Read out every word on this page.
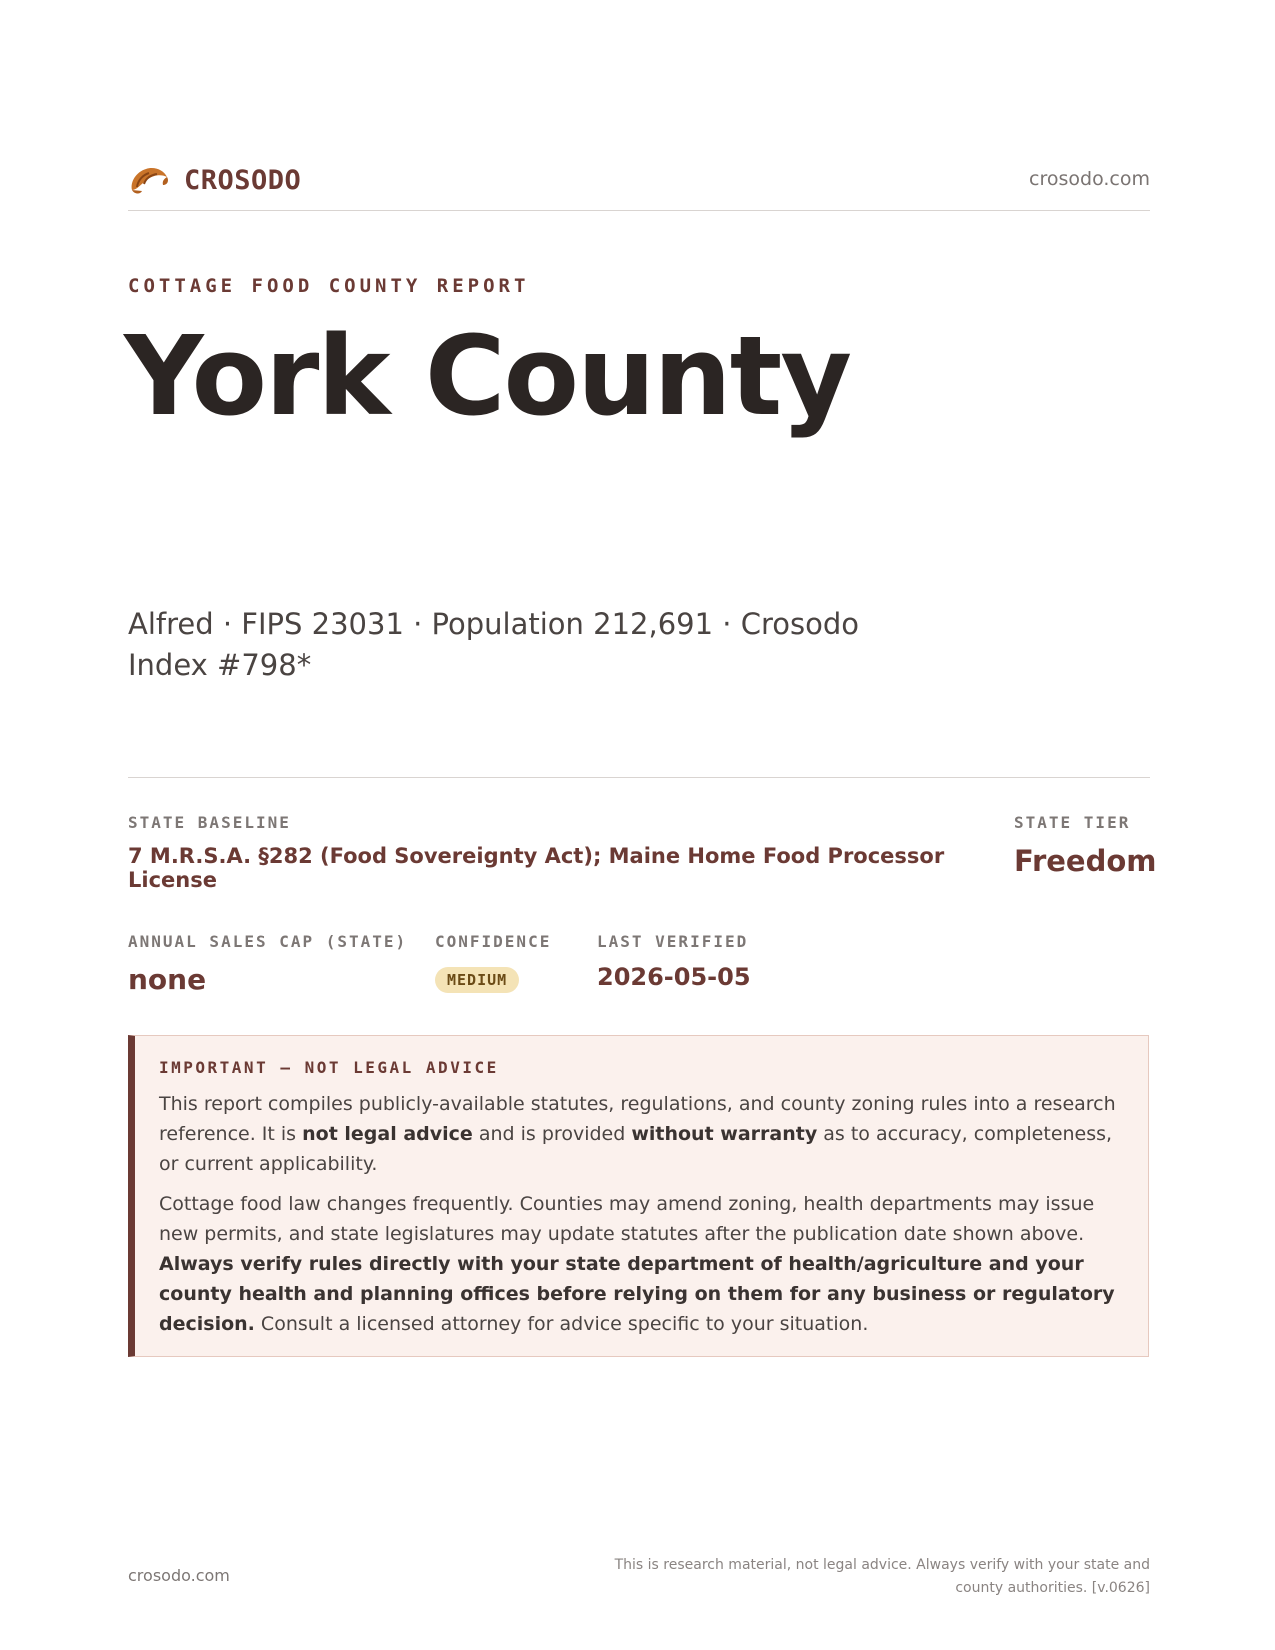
CROSODO	crosodo.com
COTTAGE FOOD COUNTY REPORT
York County
Alfred · FIPS 23031 · Population 212,691 · Crosodo Index #798*
STATE BASELINE
7 M.R.S.A. §282 (Food Sovereignty Act); Maine Home Food Processor License
STATE TIER
Freedom
ANNUAL SALES CAP (STATE)
none
CONFIDENCE
MEDIUM
LAST VERIFIED
2026-05-05
IMPORTANT — NOT LEGAL ADVICE

This report compiles publicly-available statutes, regulations, and county zoning rules into a research reference. It is not legal advice and is provided without warranty as to accuracy, completeness, or current applicability.

Cottage food law changes frequently. Counties may amend zoning, health departments may issue new permits, and state legislatures may update statutes after the publication date shown above. Always verify rules directly with your state department of health/agriculture and your county health and planning offices before relying on them for any business or regulatory decision. Consult a licensed attorney for advice specific to your situation.

crosodo.com
This is research material, not legal advice. Always verify with your state and county authorities. [v.0626]
